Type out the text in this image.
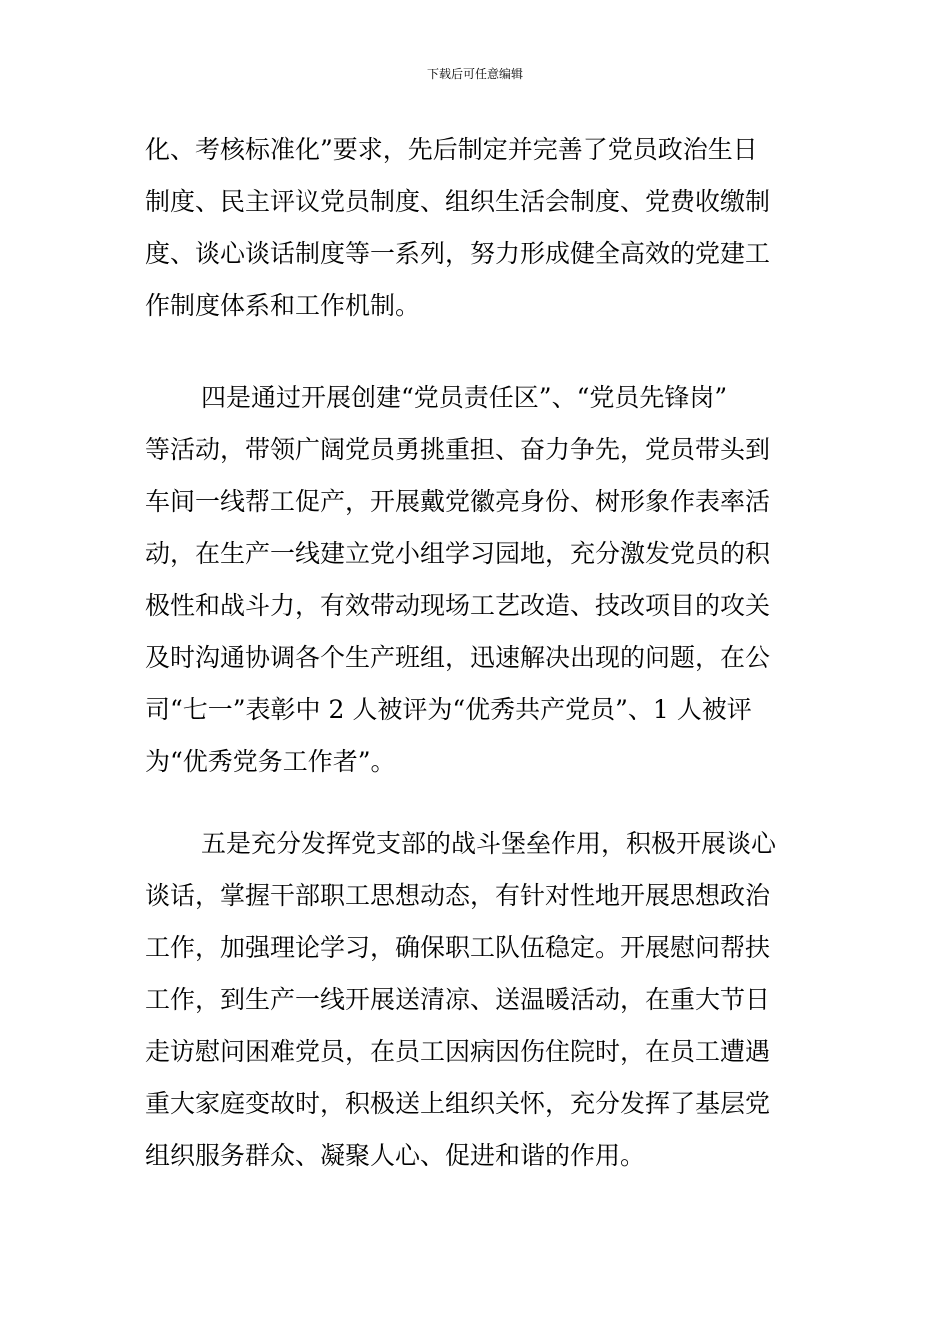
下载后可任意编辑
化、考核标准化”要求，先后制定并完善了党员政治生日
制度、民主评议党员制度、组织生活会制度、党费收缴制
度、谈心谈话制度等一系列，努力形成健全高效的党建工
作制度体系和工作机制。
四是通过开展创建“党员责任区”、“党员先锋岗”
等活动，带领广阔党员勇挑重担、奋力争先，党员带头到
车间一线帮工促产，开展戴党徽亮身份、树形象作表率活
动，在生产一线建立党小组学习园地，充分激发党员的积
极性和战斗力，有效带动现场工艺改造、技改项目的攻关
及时沟通协调各个生产班组，迅速解决出现的问题，在公
司“七一”表彰中 2 人被评为“优秀共产党员”、1 人被评
为“优秀党务工作者”。
五是充分发挥党支部的战斗堡垒作用，积极开展谈心
谈话，掌握干部职工思想动态，有针对性地开展思想政治
工作，加强理论学习，确保职工队伍稳定。开展慰问帮扶
工作，到生产一线开展送清凉、送温暖活动，在重大节日
走访慰问困难党员，在员工因病因伤住院时，在员工遭遇
重大家庭变故时，积极送上组织关怀，充分发挥了基层党
组织服务群众、凝聚人心、促进和谐的作用。
